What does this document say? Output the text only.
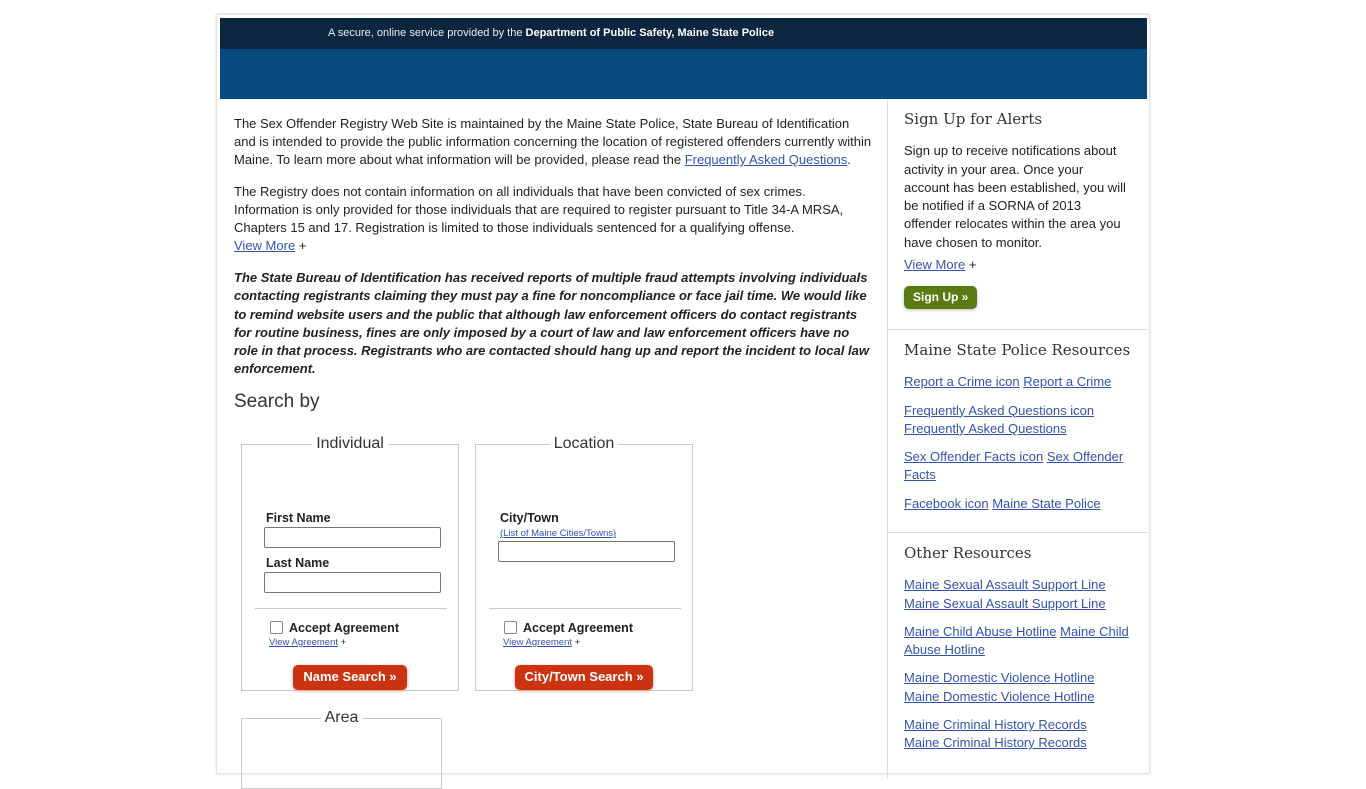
A secure, online service provided by the Department of Public Safety, Maine State Police

The Sex Offender Registry Web Site is maintained by the Maine State Police, State Bureau of Identification and is intended to provide the public information concerning the location of registered offenders currently within Maine. To learn more about what information will be provided, please read the Frequently Asked Questions.

The Registry does not contain information on all individuals that have been convicted of sex crimes. Information is only provided for those individuals that are required to register pursuant to Title 34-A MRSA, Chapters 15 and 17. Registration is limited to those individuals sentenced for a qualifying offense.
View More +

The State Bureau of Identification has received reports of multiple fraud attempts involving individuals contacting registrants claiming they must pay a fine for noncompliance or face jail time. We would like to remind website users and the public that although law enforcement officers do contact registrants for routine business, fines are only imposed by a court of law and law enforcement officers have no role in that process. Registrants who are contacted should hang up and report the incident to local law enforcement.

Search by
Individual
First Name
Last Name
Accept Agreement
View Agreement +
Name Search »
Location
City/Town
(List of Maine Cities/Towns)
Accept Agreement
View Agreement +
City/Town Search »
Area
Sign Up for Alerts
Sign up to receive notifications about activity in your area. Once your account has been established, you will be notified if a SORNA of 2013 offender relocates within the area you have chosen to monitor.
View More +
Sign Up »
Maine State Police Resources
Report a Crime icon Report a Crime
Frequently Asked Questions icon
Frequently Asked Questions
Sex Offender Facts icon Sex Offender Facts
Facebook icon Maine State Police
Other Resources
Maine Sexual Assault Support Line
Maine Sexual Assault Support Line
Maine Child Abuse Hotline Maine Child Abuse Hotline
Maine Domestic Violence Hotline
Maine Domestic Violence Hotline
Maine Criminal History Records
Maine Criminal History Records
